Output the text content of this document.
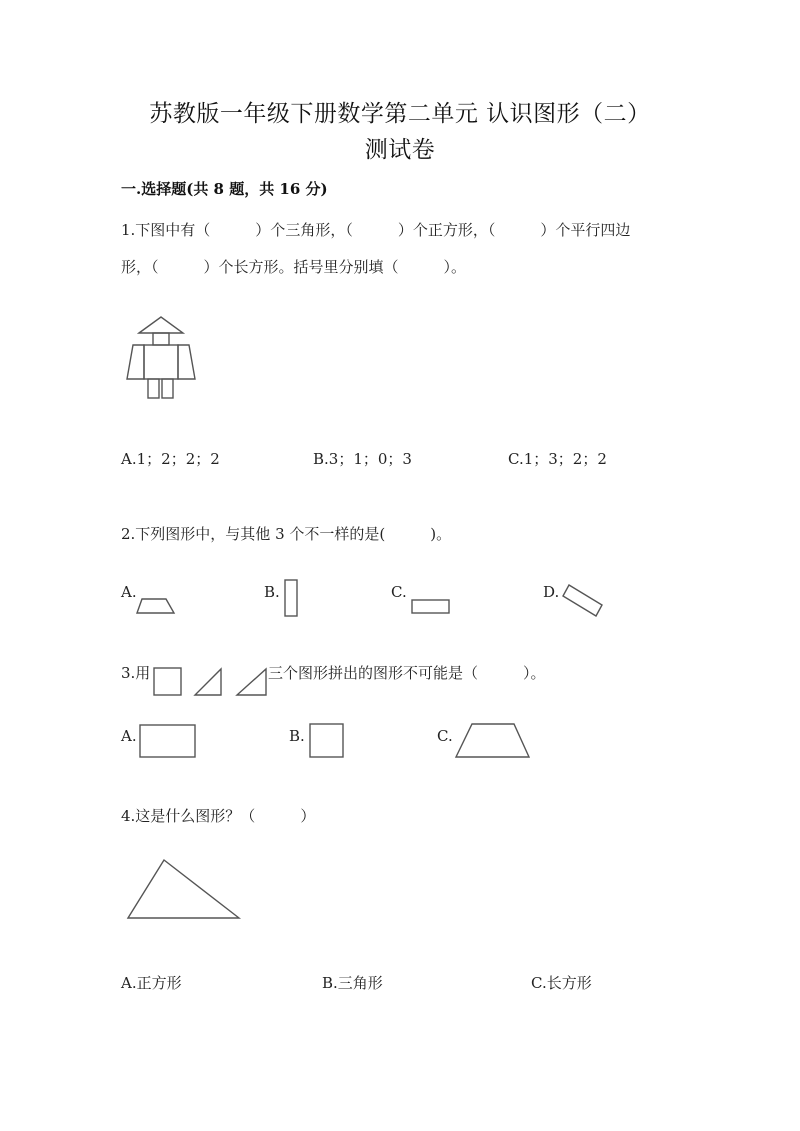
苏教版一年级下册数学第二单元 认识图形（二）
测试卷
一.选择题(共 8 题，共 16 分)
1.下图中有（　　　）个三角形，（　　　）个正方形，（　　　）个平行四边
形，（　　　）个长方形。括号里分别填（　　　）。
A.1；2；2；2	B.3；1；0；3	C.1；3；2；2
2.下列图形中，与其他 3 个不一样的是(　　　)。
A.	B.	C.	D.
3.用	三个图形拼出的图形不可能是（　　　）。
A.	B.	C.
4.这是什么图形？（　　　）
A.正方形	B.三角形	C.长方形
